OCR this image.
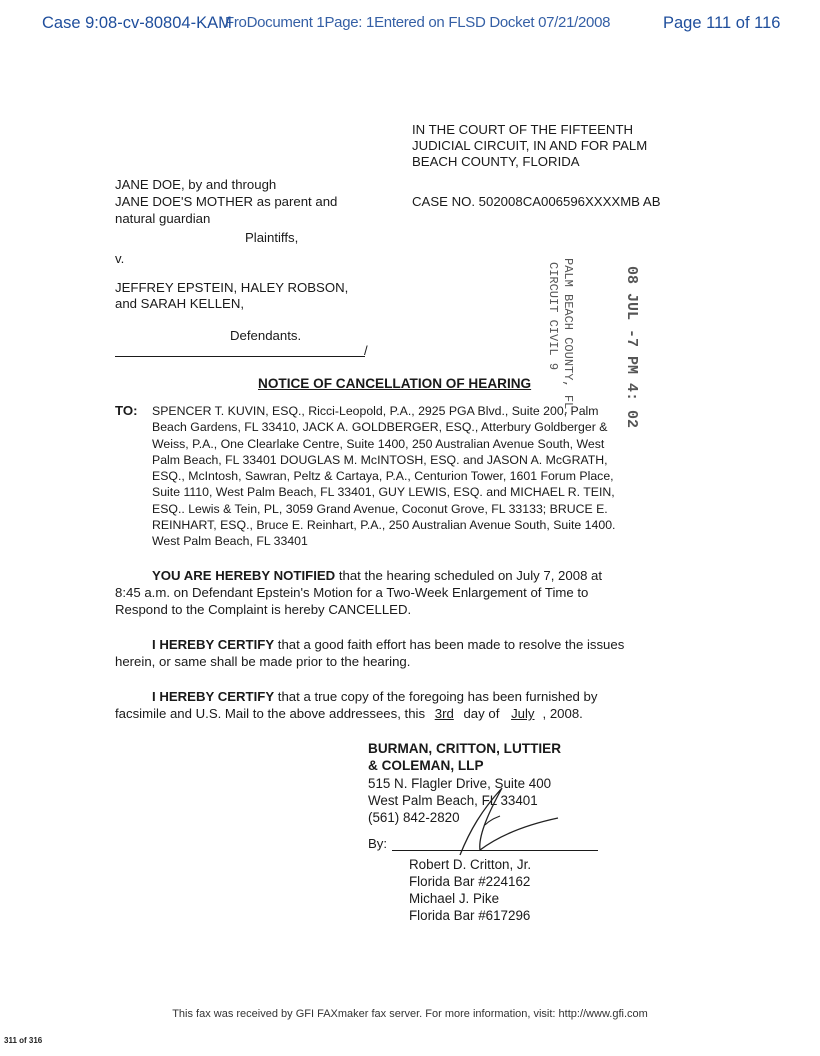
Case 9:08-cv-80804-KAM
FroDocument 1Page: 1Entered on FLSD Docket 07/21/2008	Page 111 of 116
IN THE COURT OF THE FIFTEENTH
JUDICIAL CIRCUIT, IN AND FOR PALM
BEACH COUNTY, FLORIDA
JANE DOE, by and through
JANE DOE'S MOTHER as parent and	CASE NO. 502008CA006596XXXXMB AB
natural guardian
Plaintiffs,
v.
JEFFREY EPSTEIN, HALEY ROBSON,
and SARAH KELLEN,
Defendants.
/	PALM BEACH COUNTY, FL.
CIRCUIT CIVIL 9	08 JUL -7 PM 4: 02
NOTICE OF CANCELLATION OF HEARING
TO: SPENCER T. KUVIN, ESQ., Ricci-Leopold, P.A., 2925 PGA Blvd., Suite 200, Palm
Beach Gardens, FL 33410, JACK A. GOLDBERGER, ESQ., Atterbury Goldberger &
Weiss, P.A., One Clearlake Centre, Suite 1400, 250 Australian Avenue South, West
Palm Beach, FL 33401 DOUGLAS M. McINTOSH, ESQ. and JASON A. McGRATH,
ESQ., McIntosh, Sawran, Peltz & Cartaya, P.A., Centurion Tower, 1601 Forum Place,
Suite 1110, West Palm Beach, FL 33401, GUY LEWIS, ESQ. and MICHAEL R. TEIN,
ESQ.. Lewis & Tein, PL, 3059 Grand Avenue, Coconut Grove, FL 33133; BRUCE E.
REINHART, ESQ., Bruce E. Reinhart, P.A., 250 Australian Avenue South, Suite 1400.
West Palm Beach, FL 33401
YOU ARE HEREBY NOTIFIED that the hearing scheduled on July 7, 2008 at
8:45 a.m. on Defendant Epstein's Motion for a Two-Week Enlargement of Time to
Respond to the Complaint is hereby CANCELLED.
I HEREBY CERTIFY that a good faith effort has been made to resolve the issues
herein, or same shall be made prior to the hearing.
I HEREBY CERTIFY that a true copy of the foregoing has been furnished by
facsimile and U.S. Mail to the above addressees, this 3rd day of July , 2008.
BURMAN, CRITTON, LUTTIER
& COLEMAN, LLP
515 N. Flagler Drive, Suite 400
West Palm Beach, FL 33401
(561) 842-2820
By:
Robert D. Critton, Jr.
Florida Bar #224162
Michael J. Pike
Florida Bar #617296
This fax was received by GFI FAXmaker fax server. For more information, visit: http://www.gfi.com
311 of 316
